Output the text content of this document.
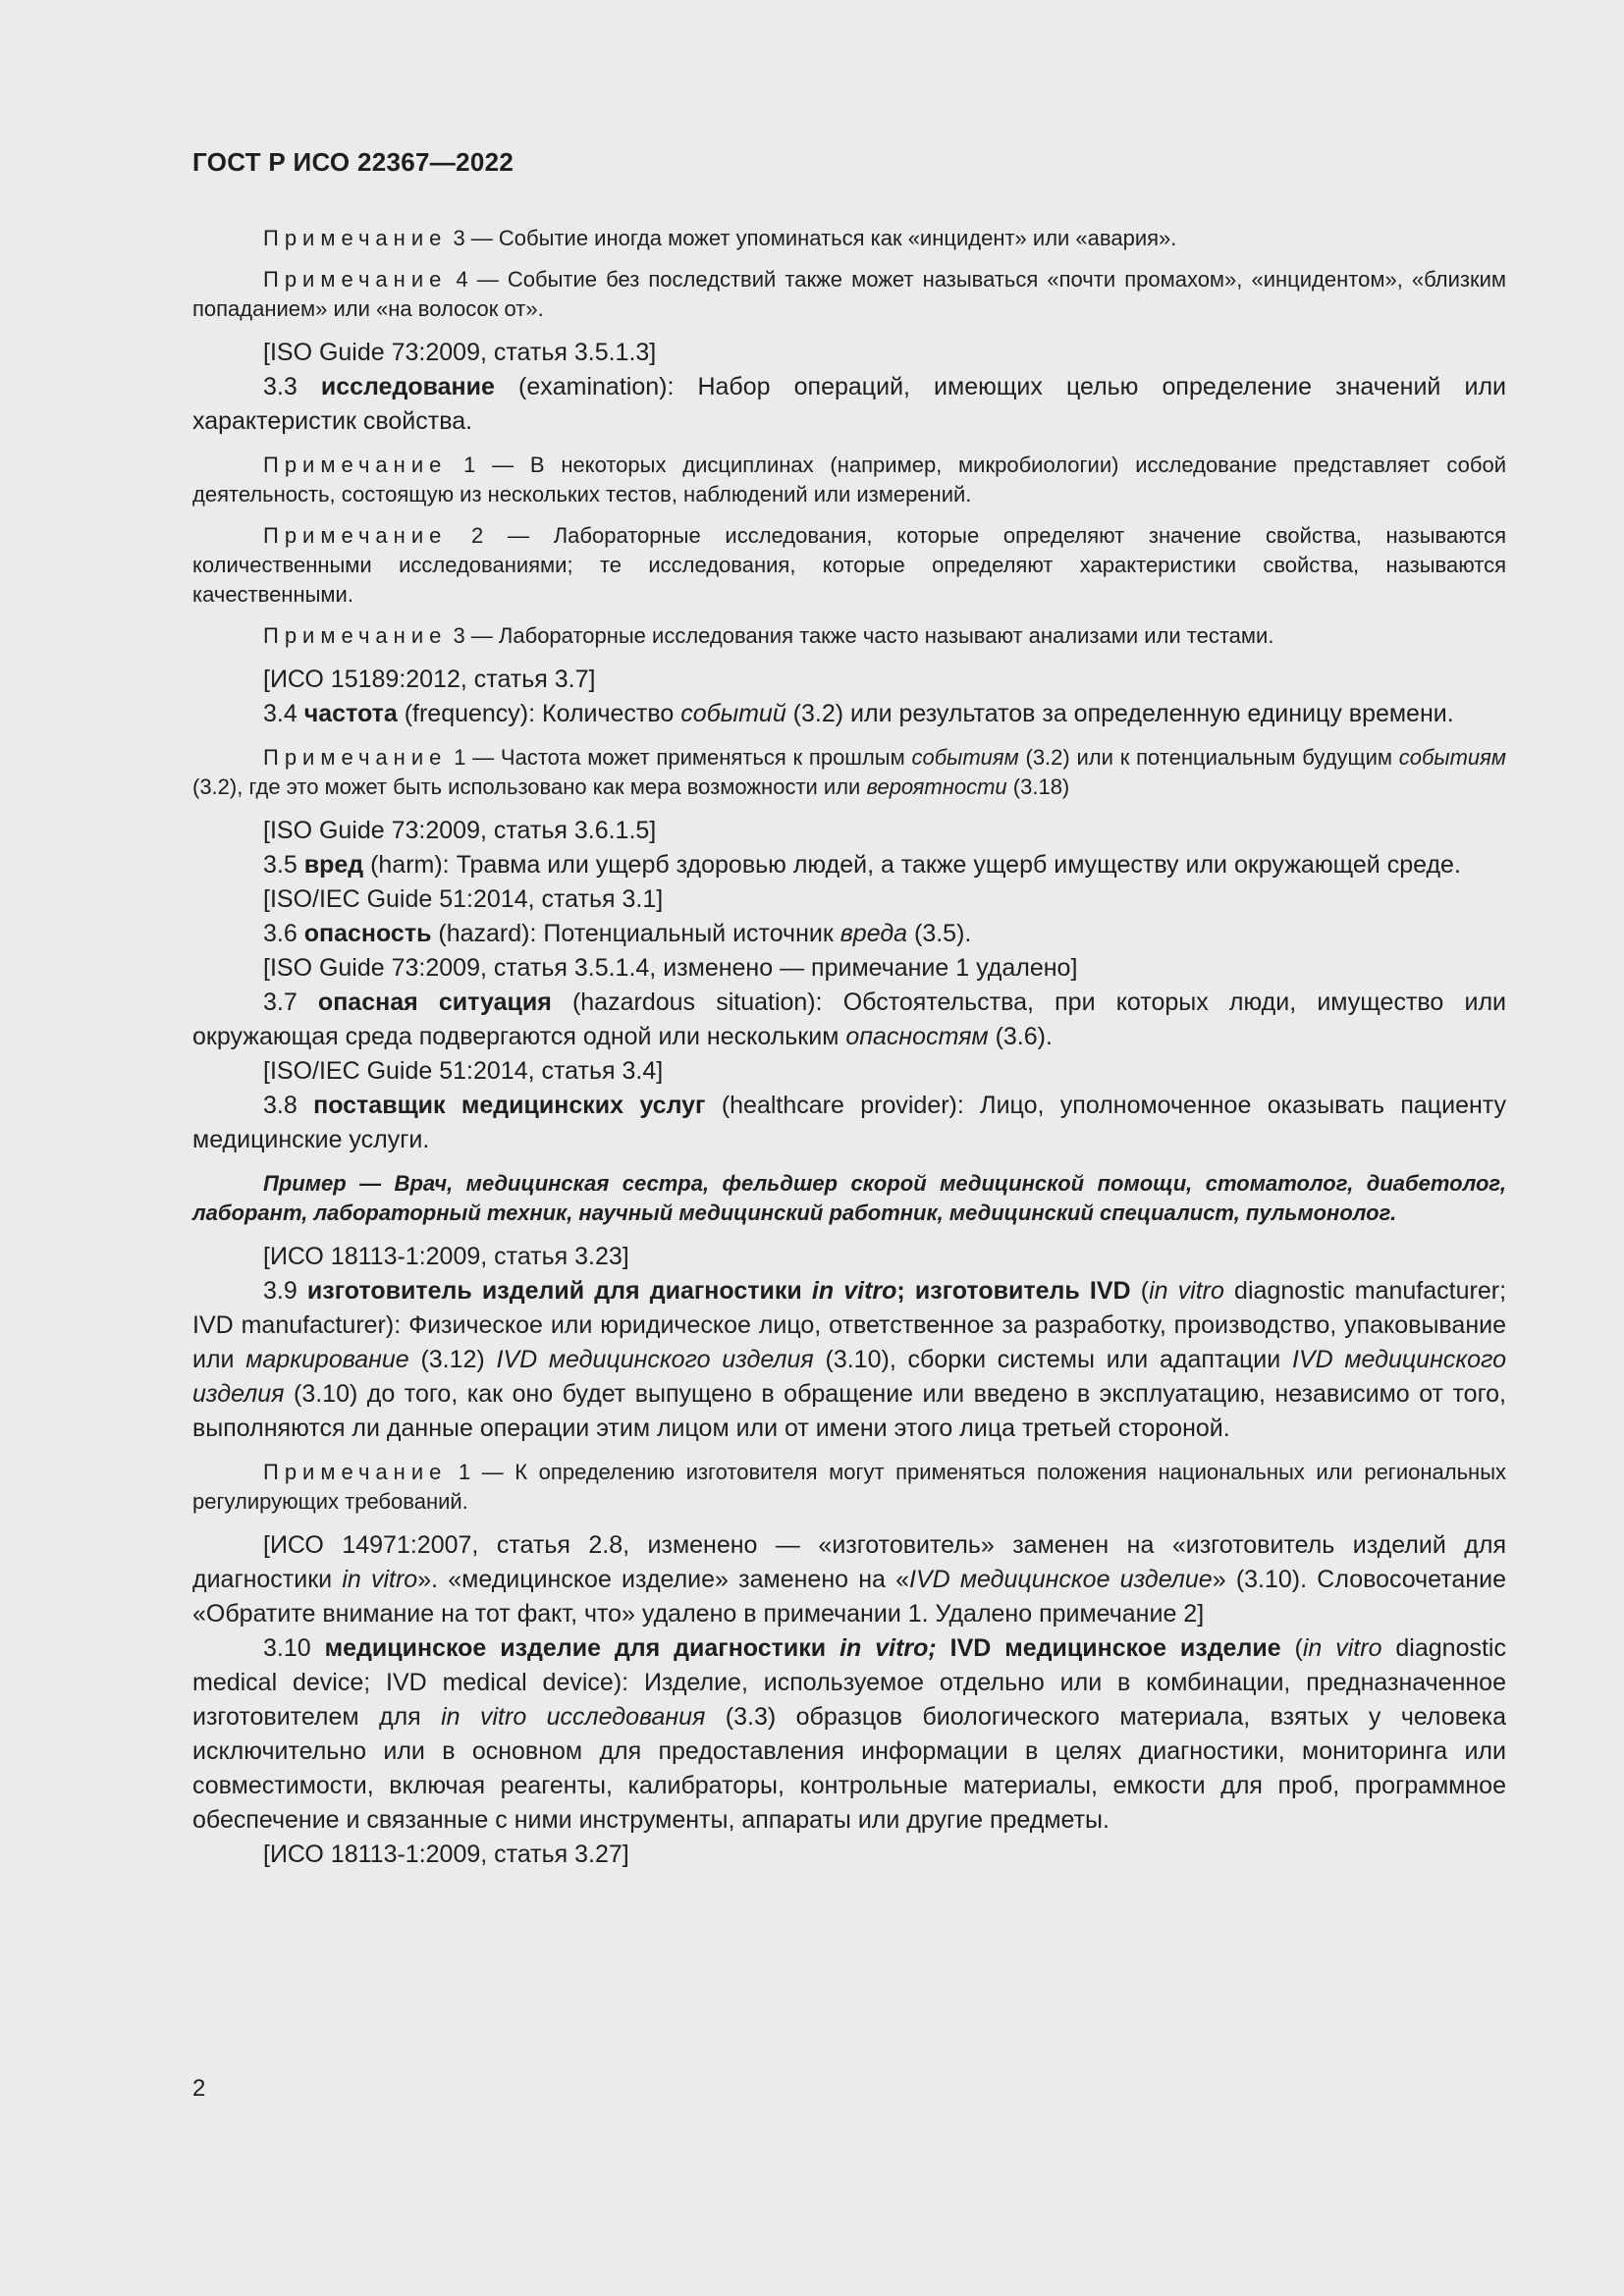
ГОСТ Р ИСО 22367—2022

Примечание 3 — Событие иногда может упоминаться как «инцидент» или «авария».

Примечание 4 — Событие без последствий также может называться «почти промахом», «инцидентом», «близким попаданием» или «на волосок от».

[ISO Guide 73:2009, статья 3.5.1.3]

3.3 исследование (examination): Набор операций, имеющих целью определение значений или характеристик свойства.

Примечание 1 — В некоторых дисциплинах (например, микробиологии) исследование представляет собой деятельность, состоящую из нескольких тестов, наблюдений или измерений.

Примечание 2 — Лабораторные исследования, которые определяют значение свойства, называются количественными исследованиями; те исследования, которые определяют характеристики свойства, называются качественными.

Примечание 3 — Лабораторные исследования также часто называют анализами или тестами.

[ИСО 15189:2012, статья 3.7]

3.4 частота (frequency): Количество событий (3.2) или результатов за определенную единицу времени.

Примечание 1 — Частота может применяться к прошлым событиям (3.2) или к потенциальным будущим событиям (3.2), где это может быть использовано как мера возможности или вероятности (3.18)

[ISO Guide 73:2009, статья 3.6.1.5]

3.5 вред (harm): Травма или ущерб здоровью людей, а также ущерб имуществу или окружающей среде.

[ISO/IEC Guide 51:2014, статья 3.1]

3.6 опасность (hazard): Потенциальный источник вреда (3.5).

[ISO Guide 73:2009, статья 3.5.1.4, изменено — примечание 1 удалено]

3.7 опасная ситуация (hazardous situation): Обстоятельства, при которых люди, имущество или окружающая среда подвергаются одной или нескольким опасностям (3.6).

[ISO/IEC Guide 51:2014, статья 3.4]

3.8 поставщик медицинских услуг (healthcare provider): Лицо, уполномоченное оказывать пациенту медицинские услуги.

Пример — Врач, медицинская сестра, фельдшер скорой медицинской помощи, стоматолог, диабетолог, лаборант, лабораторный техник, научный медицинский работник, медицинский специалист, пульмонолог.

[ИСО 18113-1:2009, статья 3.23]

3.9 изготовитель изделий для диагностики in vitro; изготовитель IVD (in vitro diagnostic manufacturer; IVD manufacturer): Физическое или юридическое лицо, ответственное за разработку, производство, упаковывание или маркирование (3.12) IVD медицинского изделия (3.10), сборки системы или адаптации IVD медицинского изделия (3.10) до того, как оно будет выпущено в обращение или введено в эксплуатацию, независимо от того, выполняются ли данные операции этим лицом или от имени этого лица третьей стороной.

Примечание 1 — К определению изготовителя могут применяться положения национальных или региональных регулирующих требований.

[ИСО 14971:2007, статья 2.8, изменено — «изготовитель» заменен на «изготовитель изделий для диагностики in vitro». «медицинское изделие» заменено на «IVD медицинское изделие» (3.10). Словосочетание «Обратите внимание на тот факт, что» удалено в примечании 1. Удалено примечание 2]

3.10 медицинское изделие для диагностики in vitro; IVD медицинское изделие (in vitro diagnostic medical device; IVD medical device): Изделие, используемое отдельно или в комбинации, предназначенное изготовителем для in vitro исследования (3.3) образцов биологического материала, взятых у человека исключительно или в основном для предоставления информации в целях диагностики, мониторинга или совместимости, включая реагенты, калибраторы, контрольные материалы, емкости для проб, программное обеспечение и связанные с ними инструменты, аппараты или другие предметы.

[ИСО 18113-1:2009, статья 3.27]

2
